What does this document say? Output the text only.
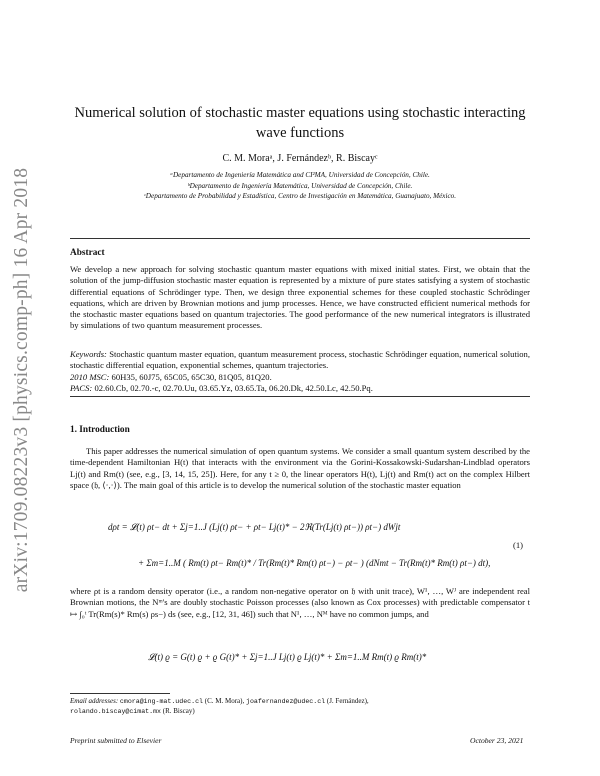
arXiv:1709.08223v3 [physics.comp-ph] 16 Apr 2018
Numerical solution of stochastic master equations using stochastic interacting wave functions
C. M. Moraᵃ, J. Fernándezᵇ, R. Biscayᶜ
ᵃDepartamento de Ingeniería Matemática and CI²MA, Universidad de Concepción, Chile.
ᵇDepartamento de Ingeniería Matemática, Universidad de Concepción, Chile.
ᶜDepartamento de Probabilidad y Estadística, Centro de Investigación en Matemática, Guanajuato, México.
Abstract

We develop a new approach for solving stochastic quantum master equations with mixed initial states. First, we obtain that the solution of the jump-diffusion stochastic master equation is represented by a mixture of pure states satisfying a system of stochastic differential equations of Schrödinger type. Then, we design three exponential schemes for these coupled stochastic Schrödinger equations, which are driven by Brownian motions and jump processes. Hence, we have constructed efficient numerical methods for the stochastic master equations based on quantum trajectories. The good performance of the new numerical integrators is illustrated by simulations of two quantum measurement processes.

Keywords: Stochastic quantum master equation, quantum measurement process, stochastic Schrödinger equation, numerical solution, stochastic differential equation, exponential schemes, quantum trajectories.
2010 MSC: 60H35, 60J75, 65C05, 65C30, 81Q05, 81Q20.
PACS: 02.60.Cb, 02.70.-c, 02.70.Uu, 03.65.Yz, 03.65.Ta, 06.20.Dk, 42.50.Lc, 42.50.Pq.
1. Introduction

This paper addresses the numerical simulation of open quantum systems. We consider a small quantum system described by the time-dependent Hamiltonian H(t) that interacts with the environment via the Gorini-Kossakowski-Sudarshan-Lindblad operators Lj(t) and Rm(t) (see, e.g., [3, 14, 15, 25]). Here, for any t ≥ 0, the linear operators H(t), Lj(t) and Rm(t) act on the complex Hilbert space (𝔥, ⟨·,·⟩). The main goal of this article is to develop the numerical solution of the stochastic master equation

dρt = 𝓛(t) ρt− dt + Σj=1..J (Lj(t) ρt− + ρt− Lj(t)* − 2ℜ(Tr(Lj(t) ρt−)) ρt−) dWjt
(1)
+ Σm=1..M ( Rm(t) ρt− Rm(t)* / Tr(Rm(t)* Rm(t) ρt−) − ρt− ) (dNmt − Tr(Rm(t)* Rm(t) ρt−) dt),

where ρt is a random density operator (i.e., a random non-negative operator on 𝔥 with unit trace), W¹, …, Wᴶ are independent real Brownian motions, the Nᵐ's are doubly stochastic Poisson processes (also known as Cox processes) with predictable compensator t ↦ ∫₀ᵗ Tr(Rm(s)* Rm(s) ρs−) ds (see, e.g., [12, 31, 46]) such that N¹, …, Nᴹ have no common jumps, and

𝓛(t) ϱ = G(t) ϱ + ϱ G(t)* + Σj=1..J Lj(t) ϱ Lj(t)* + Σm=1..M Rm(t) ϱ Rm(t)*
Email addresses: cmora@ing-mat.udec.cl (C. M. Mora), joafernandez@udec.cl (J. Fernández),
rolando.biscay@cimat.mx (R. Biscay)
Preprint submitted to Elsevier	October 23, 2021
